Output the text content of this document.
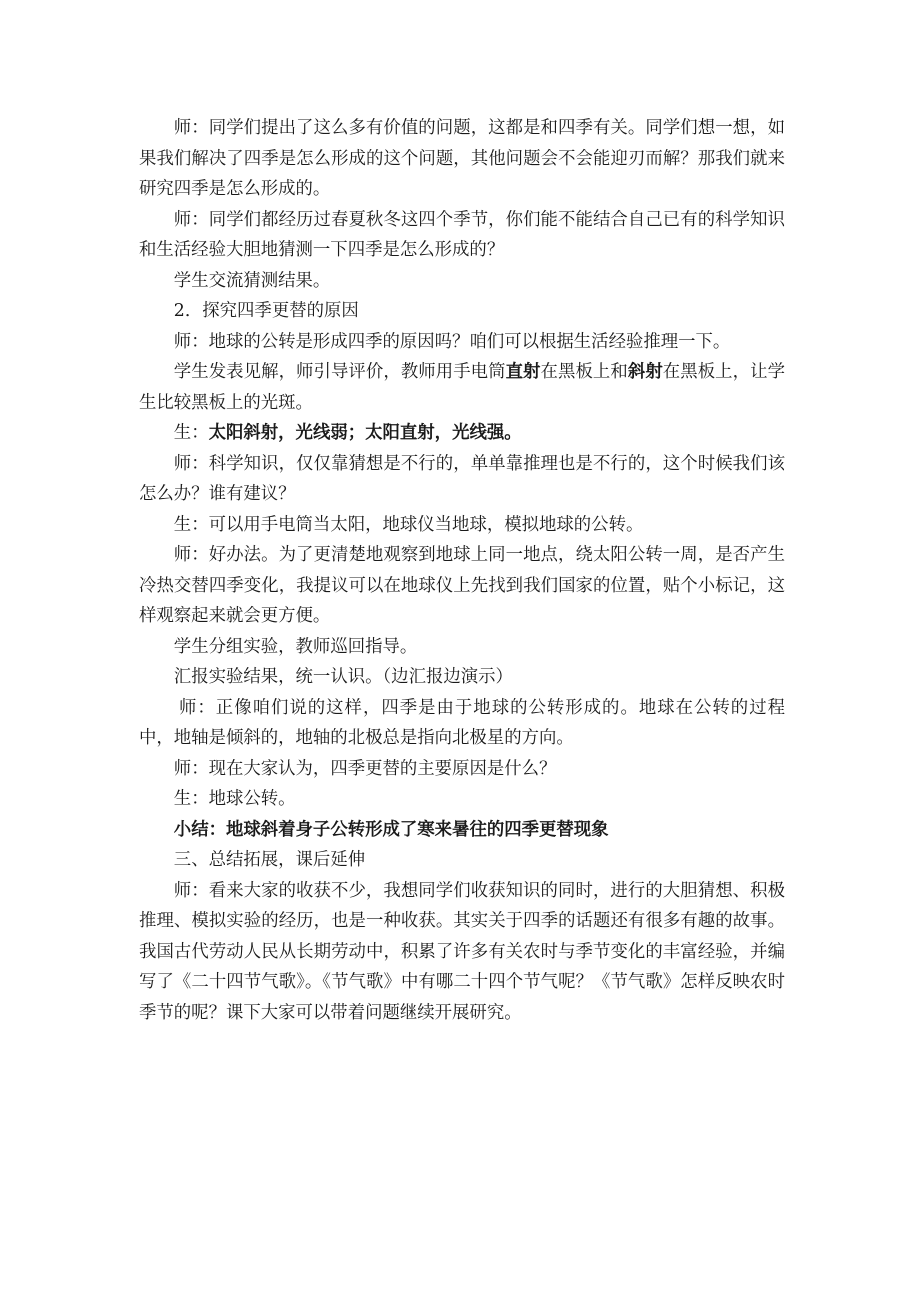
师：同学们提出了这么多有价值的问题，这都是和四季有关。同学们想一想，如果我们解决了四季是怎么形成的这个问题，其他问题会不会能迎刃而解？那我们就来研究四季是怎么形成的。

师：同学们都经历过春夏秋冬这四个季节，你们能不能结合自己已有的科学知识和生活经验大胆地猜测一下四季是怎么形成的？

学生交流猜测结果。

2．探究四季更替的原因

师：地球的公转是形成四季的原因吗？咱们可以根据生活经验推理一下。

学生发表见解，师引导评价，教师用手电筒直射在黑板上和斜射在黑板上，让学生比较黑板上的光斑。

生：太阳斜射，光线弱；太阳直射，光线强。

师：科学知识，仅仅靠猜想是不行的，单单靠推理也是不行的，这个时候我们该怎么办？谁有建议？

生：可以用手电筒当太阳，地球仪当地球，模拟地球的公转。

师：好办法。为了更清楚地观察到地球上同一地点，绕太阳公转一周，是否产生冷热交替四季变化，我提议可以在地球仪上先找到我们国家的位置，贴个小标记，这样观察起来就会更方便。

学生分组实验，教师巡回指导。

汇报实验结果，统一认识。（边汇报边演示）

师：正像咱们说的这样，四季是由于地球的公转形成的。地球在公转的过程中，地轴是倾斜的，地轴的北极总是指向北极星的方向。

师：现在大家认为，四季更替的主要原因是什么？

生：地球公转。

小结：地球斜着身子公转形成了寒来暑往的四季更替现象

三、总结拓展，课后延伸

师：看来大家的收获不少，我想同学们收获知识的同时，进行的大胆猜想、积极推理、模拟实验的经历，也是一种收获。其实关于四季的话题还有很多有趣的故事。我国古代劳动人民从长期劳动中，积累了许多有关农时与季节变化的丰富经验，并编写了《二十四节气歌》。《节气歌》中有哪二十四个节气呢？《节气歌》怎样反映农时季节的呢？课下大家可以带着问题继续开展研究。
